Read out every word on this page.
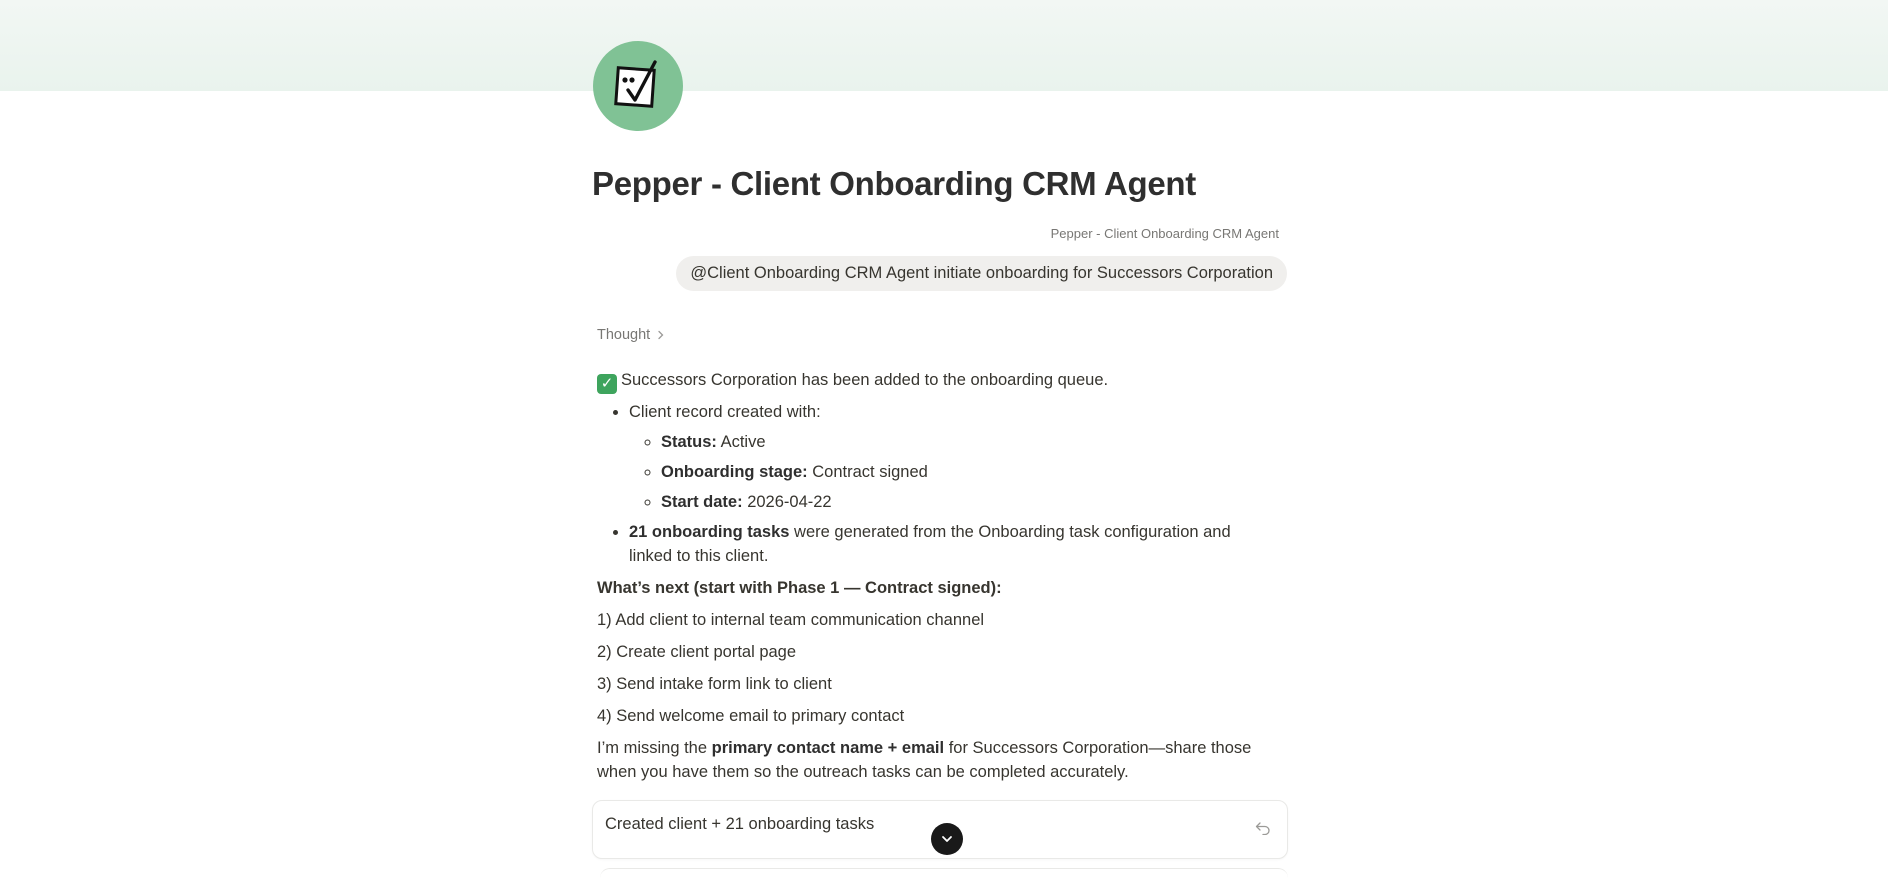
Pepper - Client Onboarding CRM Agent
Pepper - Client Onboarding CRM Agent
@Client Onboarding CRM Agent initiate onboarding for Successors Corporation
Thought

✓ Successors Corporation has been added to the onboarding queue.

• Client record created with:
◦ Status: Active
◦ Onboarding stage: Contract signed
◦ Start date: 2026-04-22
• 21 onboarding tasks were generated from the Onboarding task configuration and linked to this client.

What’s next (start with Phase 1 — Contract signed):

1) Add client to internal team communication channel

2) Create client portal page

3) Send intake form link to client

4) Send welcome email to primary contact

I’m missing the primary contact name + email for Successors Corporation—share those when you have them so the outreach tasks can be completed accurately.

Created client + 21 onboarding tasks
